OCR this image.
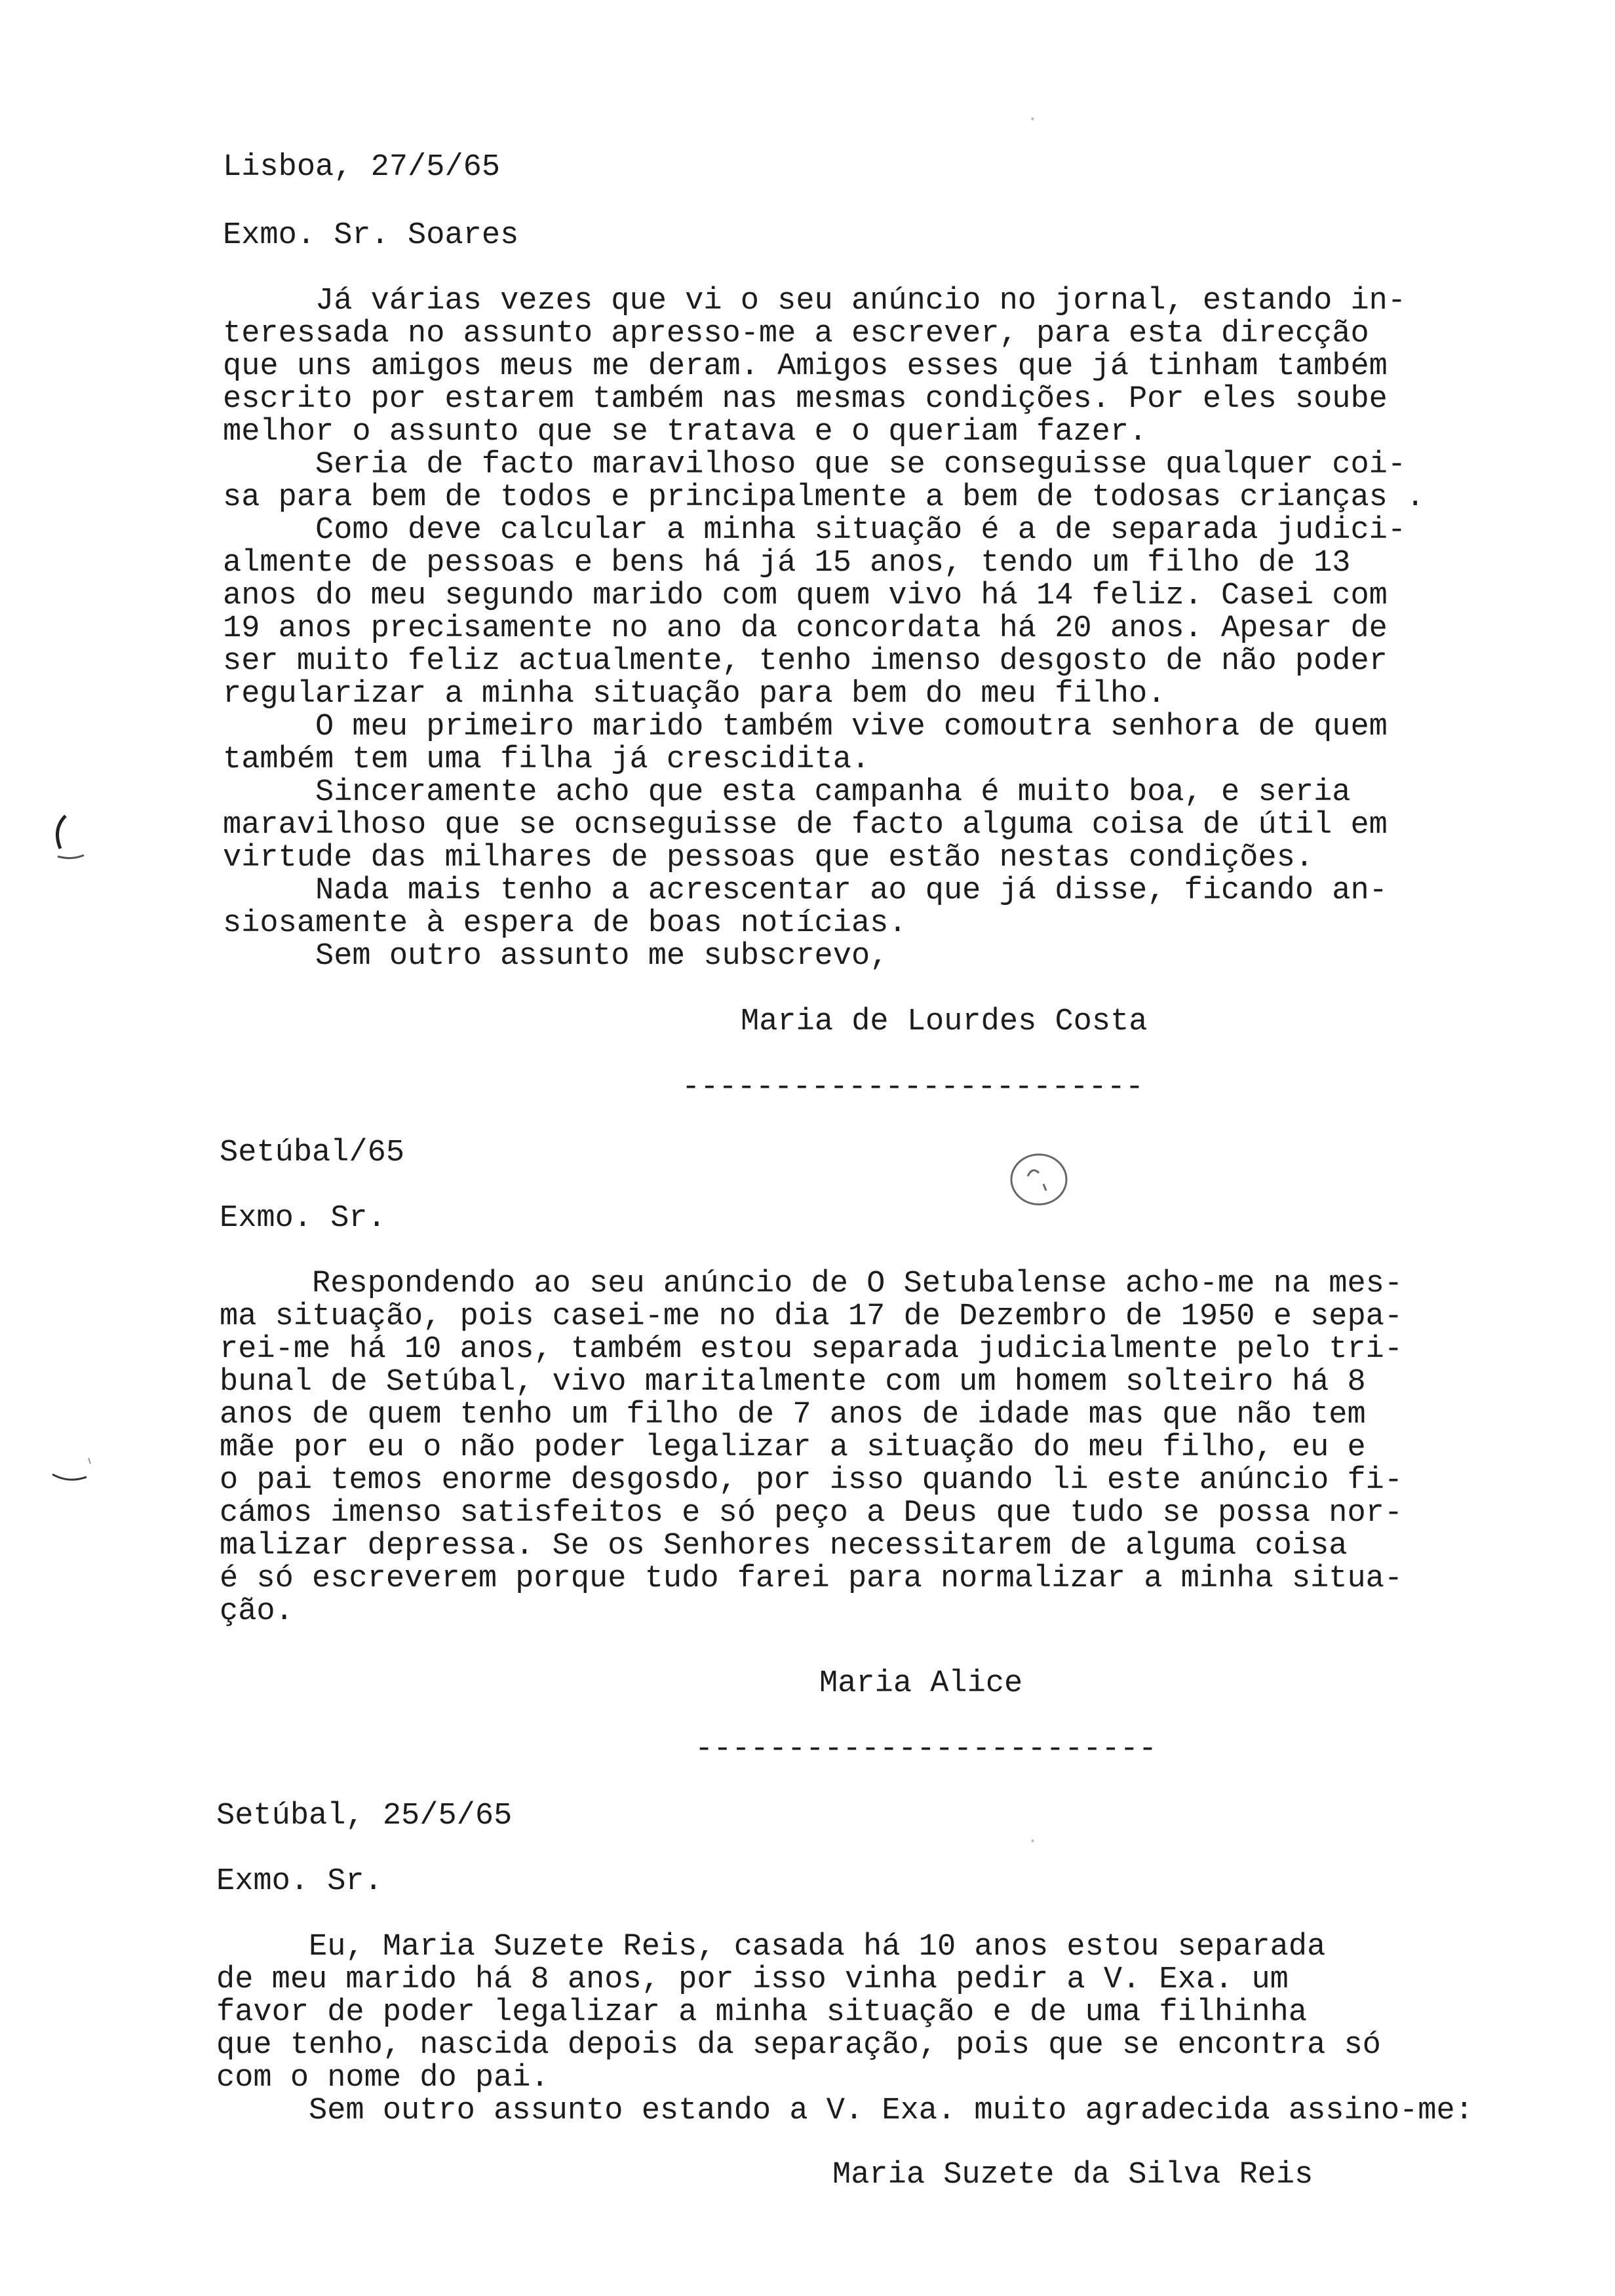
·
·
Lisboa, 27/5/65
Exmo. Sr. Soares
Já várias vezes que vi o seu anúncio no jornal, estando in-
teressada no assunto apresso-me a escrever, para esta direcção
que uns amigos meus me deram. Amigos esses que já tinham também
escrito por estarem também nas mesmas condições. Por eles soube
melhor o assunto que se tratava e o queriam fazer.
Seria de facto maravilhoso que se conseguisse qualquer coi-
sa para bem de todos e principalmente a bem de todosas crianças .
Como deve calcular a minha situação é a de separada judici-
almente de pessoas e bens há já 15 anos, tendo um filho de 13
anos do meu segundo marido com quem vivo há 14 feliz. Casei com
19 anos precisamente no ano da concordata há 20 anos. Apesar de
ser muito feliz actualmente, tenho imenso desgosto de não poder
regularizar a minha situação para bem do meu filho.
O meu primeiro marido também vive comoutra senhora de quem
também tem uma filha já crescidita.
Sinceramente acho que esta campanha é muito boa, e seria
maravilhoso que se ocnseguisse de facto alguma coisa de útil em
virtude das milhares de pessoas que estão nestas condições.
Nada mais tenho a acrescentar ao que já disse, ficando an-
siosamente à espera de boas notícias.
Sem outro assunto me subscrevo,
Maria de Lourdes Costa
-------------------------
Setúbal/65
Exmo. Sr.
Respondendo ao seu anúncio de O Setubalense acho-me na mes-
ma situação, pois casei-me no dia 17 de Dezembro de 1950 e sepa-
rei-me há 10 anos, também estou separada judicialmente pelo tri-
bunal de Setúbal, vivo maritalmente com um homem solteiro há 8
anos de quem tenho um filho de 7 anos de idade mas que não tem
mãe por eu o não poder legalizar a situação do meu filho, eu e
o pai temos enorme desgosdo, por isso quando li este anúncio fi-
cámos imenso satisfeitos e só peço a Deus que tudo se possa nor-
malizar depressa. Se os Senhores necessitarem de alguma coisa
é só escreverem porque tudo farei para normalizar a minha situa-
ção.
Maria Alice
-------------------------
Setúbal, 25/5/65
Exmo. Sr.
Eu, Maria Suzete Reis, casada há 10 anos estou separada
de meu marido há 8 anos, por isso vinha pedir a V. Exa. um
favor de poder legalizar a minha situação e de uma filhinha
que tenho, nascida depois da separação, pois que se encontra só
com o nome do pai.
Sem outro assunto estando a V. Exa. muito agradecida assino-me:
Maria Suzete da Silva Reis
